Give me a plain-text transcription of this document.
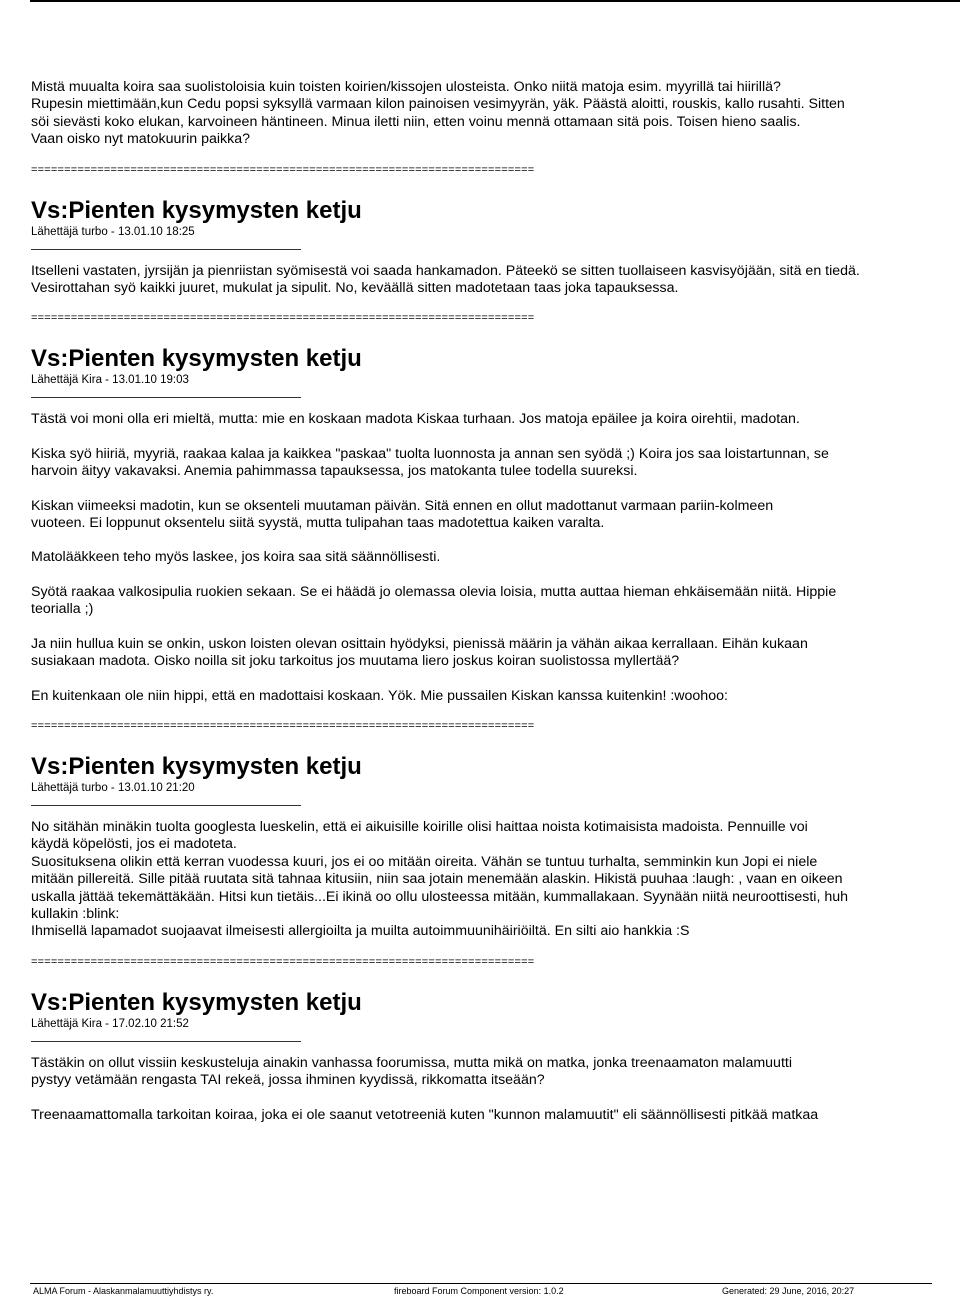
Mistä muualta koira saa suolistoloisia kuin toisten koirien/kissojen ulosteista. Onko niitä matoja esim. myyrillä tai hiirillä?

Rupesin miettimään,kun Cedu popsi syksyllä varmaan kilon painoisen vesimyyrän, yäk. Päästä aloitti, rouskis, kallo rusahti. Sitten

söi sievästi koko elukan, karvoineen häntineen. Minua iletti niin, etten voinu mennä ottamaan sitä pois. Toisen hieno saalis.

Vaan oisko nyt matokuurin paikka?

============================================================================
Vs:Pienten kysymysten ketju

Lähettäjä turbo - 13.01.10 18:25

Itselleni vastaten, jyrsijän ja pienriistan syömisestä voi saada hankamadon. Päteekö se sitten tuollaiseen kasvisyöjään, sitä en tiedä.

Vesirottahan syö kaikki juuret, mukulat ja sipulit. No, keväällä sitten madotetaan taas joka tapauksessa.

============================================================================
Vs:Pienten kysymysten ketju

Lähettäjä Kira - 13.01.10 19:03

Tästä voi moni olla eri mieltä, mutta: mie en koskaan madota Kiskaa turhaan. Jos matoja epäilee ja koira oirehtii, madotan.

Kiska syö hiiriä, myyriä, raakaa kalaa ja kaikkea "paskaa" tuolta luonnosta ja annan sen syödä ;) Koira jos saa loistartunnan, se

harvoin äityy vakavaksi. Anemia pahimmassa tapauksessa, jos matokanta tulee todella suureksi.

Kiskan viimeeksi madotin, kun se oksenteli muutaman päivän. Sitä ennen en ollut madottanut varmaan pariin-kolmeen

vuoteen. Ei loppunut oksentelu siitä syystä, mutta tulipahan taas madotettua kaiken varalta.

Matolääkkeen teho myös laskee, jos koira saa sitä säännöllisesti.

Syötä raakaa valkosipulia ruokien sekaan. Se ei häädä jo olemassa olevia loisia, mutta auttaa hieman ehkäisemään niitä. Hippie

teorialla ;)

Ja niin hullua kuin se onkin, uskon loisten olevan osittain hyödyksi, pienissä määrin ja vähän aikaa kerrallaan. Eihän kukaan

susiakaan madota. Oisko noilla sit joku tarkoitus jos muutama liero joskus koiran suolistossa myllertää?

En kuitenkaan ole niin hippi, että en madottaisi koskaan. Yök. Mie pussailen Kiskan kanssa kuitenkin! :woohoo:

============================================================================
Vs:Pienten kysymysten ketju

Lähettäjä turbo - 13.01.10 21:20

No sitähän minäkin tuolta googlesta lueskelin, että ei aikuisille koirille olisi haittaa noista kotimaisista madoista. Pennuille voi

käydä köpelösti, jos ei madoteta.

Suosituksena olikin että kerran vuodessa kuuri, jos ei oo mitään oireita. Vähän se tuntuu turhalta, semminkin kun Jopi ei niele

mitään pillereitä. Sille pitää ruutata sitä tahnaa kitusiin, niin saa jotain menemään alaskin. Hikistä puuhaa :laugh: , vaan en oikeen

uskalla jättää tekemättäkään. Hitsi kun tietäis...Ei ikinä oo ollu ulosteessa mitään, kummallakaan. Syynään niitä neuroottisesti, huh

kullakin :blink:

Ihmisellä lapamadot suojaavat ilmeisesti allergioilta ja muilta autoimmuunihäiriöiltä. En silti aio hankkia :S

============================================================================
Vs:Pienten kysymysten ketju

Lähettäjä Kira - 17.02.10 21:52

Tästäkin on ollut vissiin keskusteluja ainakin vanhassa foorumissa, mutta mikä on matka, jonka treenaamaton malamuutti

pystyy vetämään rengasta TAI rekeä, jossa ihminen kyydissä, rikkomatta itseään?

Treenaamattomalla tarkoitan koiraa, joka ei ole saanut vetotreeniä kuten "kunnon malamuutit" eli säännöllisesti pitkää matkaa

ALMA Forum - Alaskanmalamuuttiyhdistys ry.	fireboard Forum Component version: 1.0.2	Generated: 29 June, 2016, 20:27
